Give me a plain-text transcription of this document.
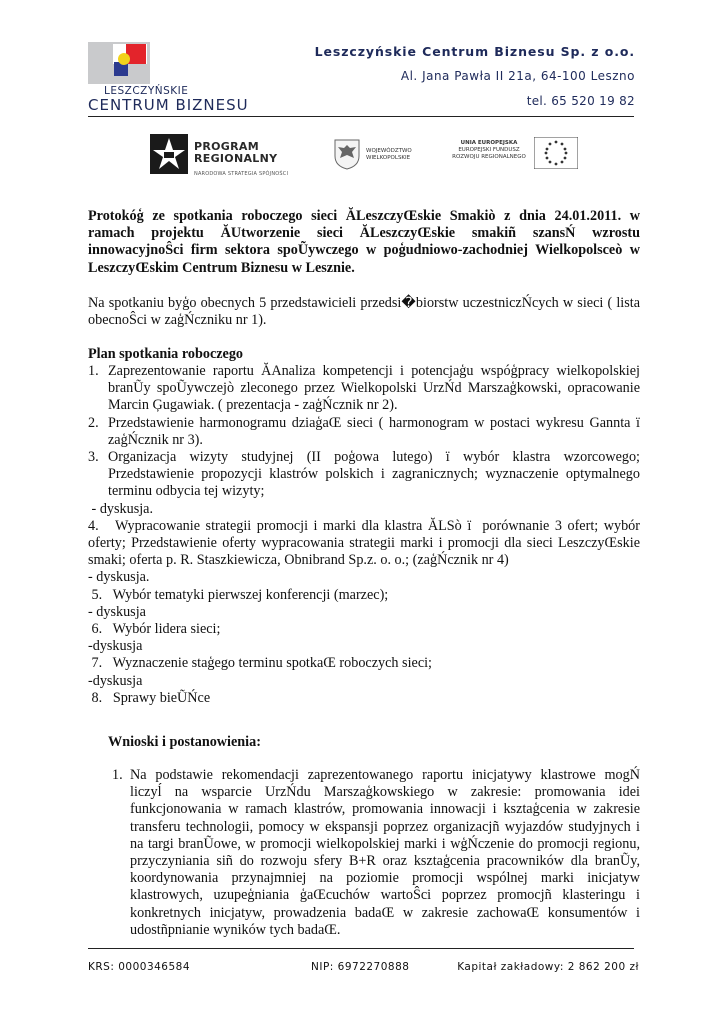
LESZCZYŃSKIE
CENTRUM BIZNESU
Leszczyńskie Centrum Biznesu Sp. z o.o.
Al. Jana Pawła II 21a, 64-100 Leszno
tel. 65 520 19 82
PROGRAM
REGIONALNY
NARODOWA STRATEGIA SPÓJNOŚCI
WOJEWÓDZTWO
WIELKOPOLSKIE
UNIA EUROPEJSKA
EUROPEJSKI FUNDUSZ
ROZWOJU REGIONALNEGO
Protokóģ ze spotkania roboczego sieci ĂLeszczyŒskie Smakiò z dnia 24.01.2011. w
ramach projektu ĂUtworzenie sieci ĂLeszczyŒskie smakiñ szansŃ wzrostu
innowacyjnoŜci firm sektora spoŨywczego w poģudniowo-zachodniej Wielkopolsceò w
LeszczyŒskim Centrum Biznesu w Lesznie.
Na spotkaniu byģo obecnych 5 przedstawicieli przedsi�biorstw uczestniczŃcych w sieci ( lista
obecnoŜci w zaģŃczniku nr 1).
Plan spotkania roboczego
1. Zaprezentowanie raportu ĂAnaliza kompetencji i potencjaģu wspóģpracy wielkopolskiej
branŨy spoŨywczejò zleconego przez Wielkopolski UrzŃd Marszaģkowski, opracowanie
Marcin Ģugawiak. ( prezentacja - zaģŃcznik nr 2).
2. Przedstawienie harmonogramu dziaģaŒ sieci ( harmonogram w postaci wykresu Gannta ï
zaģŃcznik nr 3).
3. Organizacja wizyty studyjnej (II poģowa lutego) ï wybór klastra wzorcowego;
Przedstawienie propozycji klastrów polskich i zagranicznych; wyznaczenie optymalnego
terminu odbycia tej wizyty;
- dyskusja.
4.   Wypracowanie strategii promocji i marki dla klastra ĂLSò ï  porównanie 3 ofert; wybór
oferty; Przedstawienie oferty wypracowania strategii marki i promocji dla sieci LeszczyŒskie
smaki; oferta p. R. Staszkiewicza, Obnibrand Sp.z. o. o.; (zaģŃcznik nr 4)
- dyskusja.
5.   Wybór tematyki pierwszej konferencji (marzec);
- dyskusja
6.   Wybór lidera sieci;
-dyskusja
7.   Wyznaczenie staģego terminu spotkaŒ roboczych sieci;
-dyskusja
8.   Sprawy bieŨŃce
Wnioski i postanowienia:
1. Na podstawie rekomendacji zaprezentowanego raportu inicjatywy klastrowe mogŃ
liczyĺ na wsparcie UrzŃdu Marszaģkowskiego w zakresie: promowania idei
funkcjonowania w ramach klastrów, promowania innowacji i ksztaģcenia w zakresie
transferu technologii, pomocy w ekspansji poprzez organizacjñ wyjazdów studyjnych i
na targi branŨowe, w promocji wielkopolskiej marki i wģŃczenie do promocji regionu,
przyczyniania siñ do rozwoju sfery B+R oraz ksztaģcenia pracowników dla branŨy,
koordynowania przynajmniej na poziomie promocji wspólnej marki inicjatyw
klastrowych, uzupeģniania ģaŒcuchów wartoŜci poprzez promocjñ klasteringu i
konkretnych inicjatyw, prowadzenia badaŒ w zakresie zachowaŒ konsumentów i
udostñpnianie wyników tych badaŒ.
KRS: 0000346584	NIP: 6972270888	Kapitał zakładowy: 2 862 200 zł
